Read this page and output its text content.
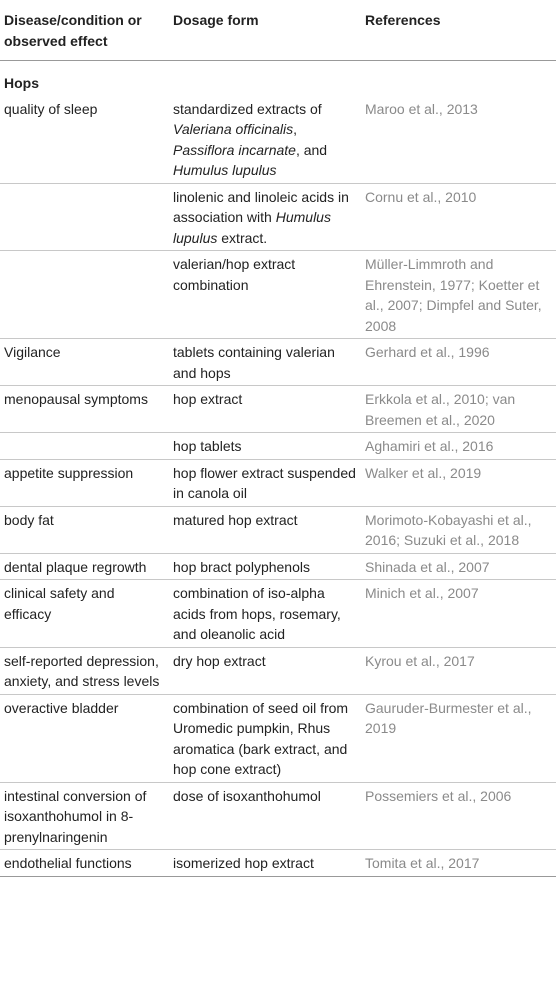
Disease/condition or observed effect	Dosage form	References
Hops		
quality of sleep	standardized extracts of Valeriana officinalis, Passiflora incarnate, and Humulus lupulus	Maroo et al., 2013
	linolenic and linoleic acids in association with Humulus lupulus extract.	Cornu et al., 2010
	valerian/hop extract combination	Müller-Limmroth and Ehrenstein, 1977; Koetter et al., 2007; Dimpfel and Suter, 2008
Vigilance	tablets containing valerian and hops	Gerhard et al., 1996
menopausal symptoms	hop extract	Erkkola et al., 2010; van Breemen et al., 2020
	hop tablets	Aghamiri et al., 2016
appetite suppression	hop flower extract suspended in canola oil	Walker et al., 2019
body fat	matured hop extract	Morimoto-Kobayashi et al., 2016; Suzuki et al., 2018
dental plaque regrowth	hop bract polyphenols	Shinada et al., 2007
clinical safety and efficacy	combination of iso-alpha acids from hops, rosemary, and oleanolic acid	Minich et al., 2007
self-reported depression, anxiety, and stress levels	dry hop extract	Kyrou et al., 2017
overactive bladder	combination of seed oil from Uromedic pumpkin, Rhus aromatica (bark extract, and hop cone extract)	Gauruder-Burmester et al., 2019
intestinal conversion of isoxanthohumol in 8-prenylnaringenin	dose of isoxanthohumol	Possemiers et al., 2006
endothelial functions	isomerized hop extract	Tomita et al., 2017
